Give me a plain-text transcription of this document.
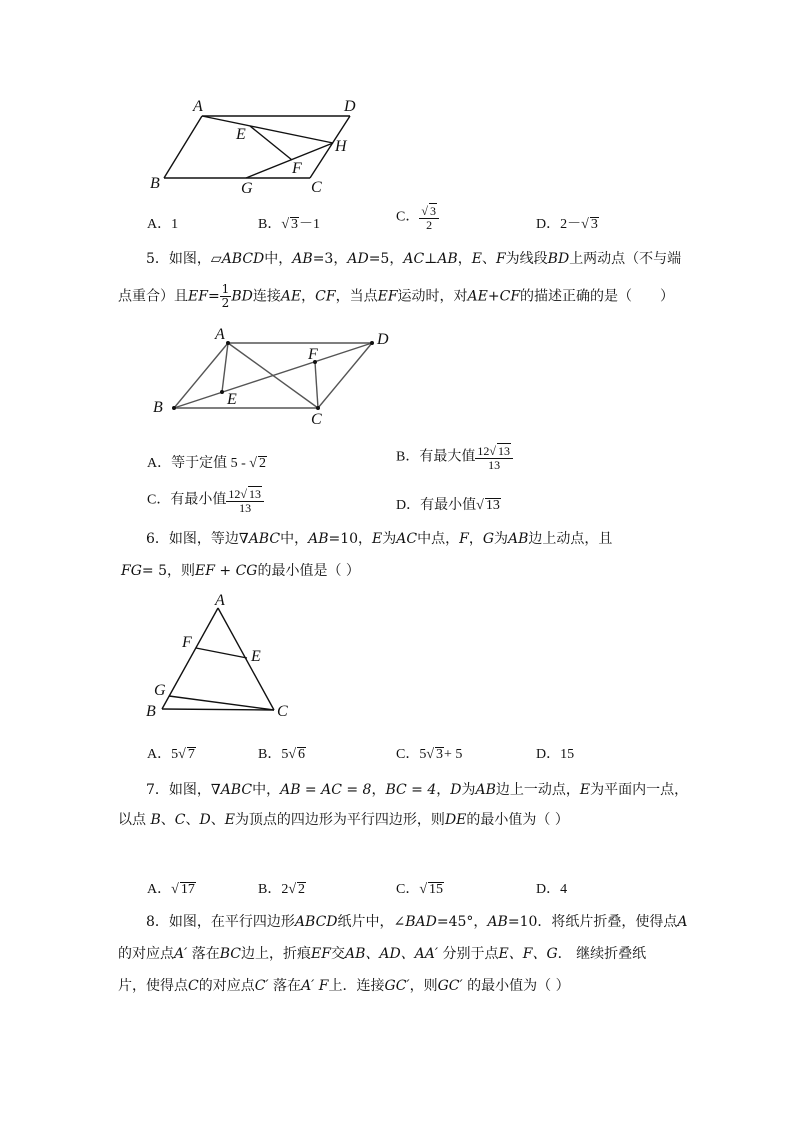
A	D
E
H
F
B	G	C
A．1	B．√ 3－1	C． $\frac{√ 3}{2}$	D．2－√ 3
5．如图，▱ABCD中，AB=3，AD=5，AC⊥AB，E、F为线段BD上两动点（不与端
点重合）且$EF= \frac{1}{2}$ BD连接AE，CF，当点EF运动时，对AE+CF的描述正确的是（　　）
A	D
F
B	E
C
A．等于定值 5 - √ 2	B．有最大值 $\frac{12√ 13}{13}$
C．有最小值 $\frac{12√ 13}{13}$	D．有最小值√ 13
6．如图，等边∇ABC中，AB=10，E为AC中点，F，G为AB边上动点，且
FG= 5，则EF + CG的最小值是（ ）
A
F
E
G
B	C
A．5√ 7	B．5√ 6	C．5√ 3+ 5	D．15
7．如图，∇ABC中，AB = AC = 8，BC = 4，D为AB边上一动点，E为平面内一点，
以点 B、C、D、E为顶点的四边形为平行四边形，则DE的最小值为（ ）
A．√ 17	B．2√ 2	C．√ 15	D．4
8．如图，在平行四边形ABCD纸片中，∠BAD=45°，AB=10．将纸片折叠，使得点A
的对应点A′ 落在BC边上，折痕EF交AB、AD、AA′ 分别于点E、F、G． 继续折叠纸
片，使得点C的对应点C′ 落在A′ F上．连接GC′，则GC′ 的最小值为（ ）
